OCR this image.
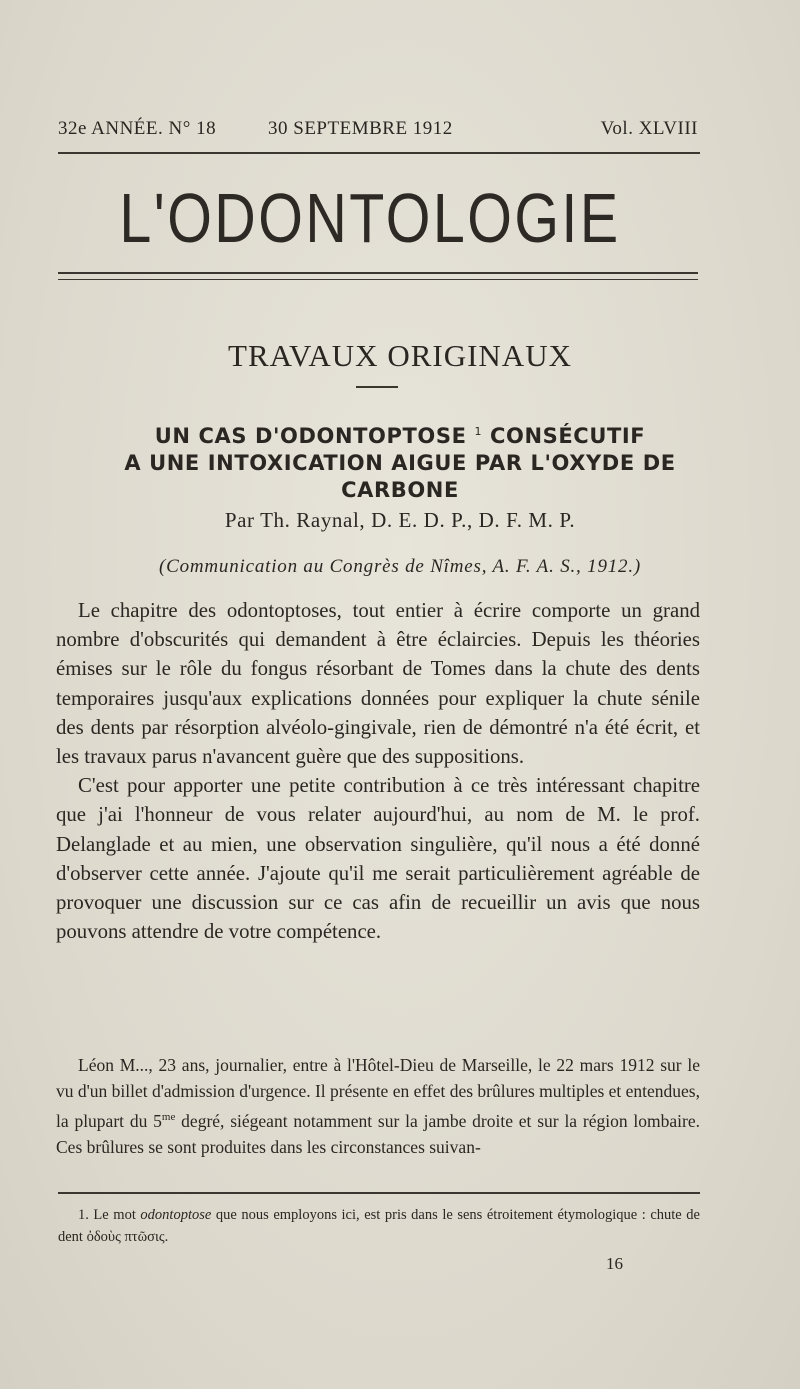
32e ANNÉE. N° 18	30 SEPTEMBRE 1912	Vol. XLVIII
L'ODONTOLOGIE
TRAVAUX ORIGINAUX
UN CAS D'ODONTOPTOSE $^1$ CONSÉCUTIF
A UNE INTOXICATION AIGUE PAR L'OXYDE DE
CARBONE
Par Th. Raynal, D. E. D. P., D. F. M. P.
(Communication au Congrès de Nîmes, A. F. A. S., 1912.)

Le chapitre des odontoptoses, tout entier à écrire comporte un grand nombre d'obscurités qui demandent à être éclaircies. Depuis les théories émises sur le rôle du fongus résorbant de Tomes dans la chute des dents temporaires jusqu'aux explications données pour expliquer la chute sénile des dents par résorption alvéolo-gingivale, rien de démontré n'a été écrit, et les travaux parus n'avancent guère que des suppositions.

C'est pour apporter une petite contribution à ce très intéressant chapitre que j'ai l'honneur de vous relater aujourd'hui, au nom de M. le prof. Delanglade et au mien, une observation singulière, qu'il nous a été donné d'observer cette année. J'ajoute qu'il me serait particulièrement agréable de provoquer une discussion sur ce cas afin de recueillir un avis que nous pouvons attendre de votre compétence.

Léon M..., 23 ans, journalier, entre à l'Hôtel-Dieu de Marseille, le 22 mars 1912 sur le vu d'un billet d'admission d'urgence. Il présente en effet des brûlures multiples et entendues, la plupart du $5^{me}$ degré, siégeant notamment sur la jambe droite et sur la région lombaire. Ces brûlures se sont produites dans les circonstances suivan-

1. Le mot odontoptose que nous employons ici, est pris dans le sens étroitement étymologique : chute de dent ὀδοὺς πτῶσις.

16
